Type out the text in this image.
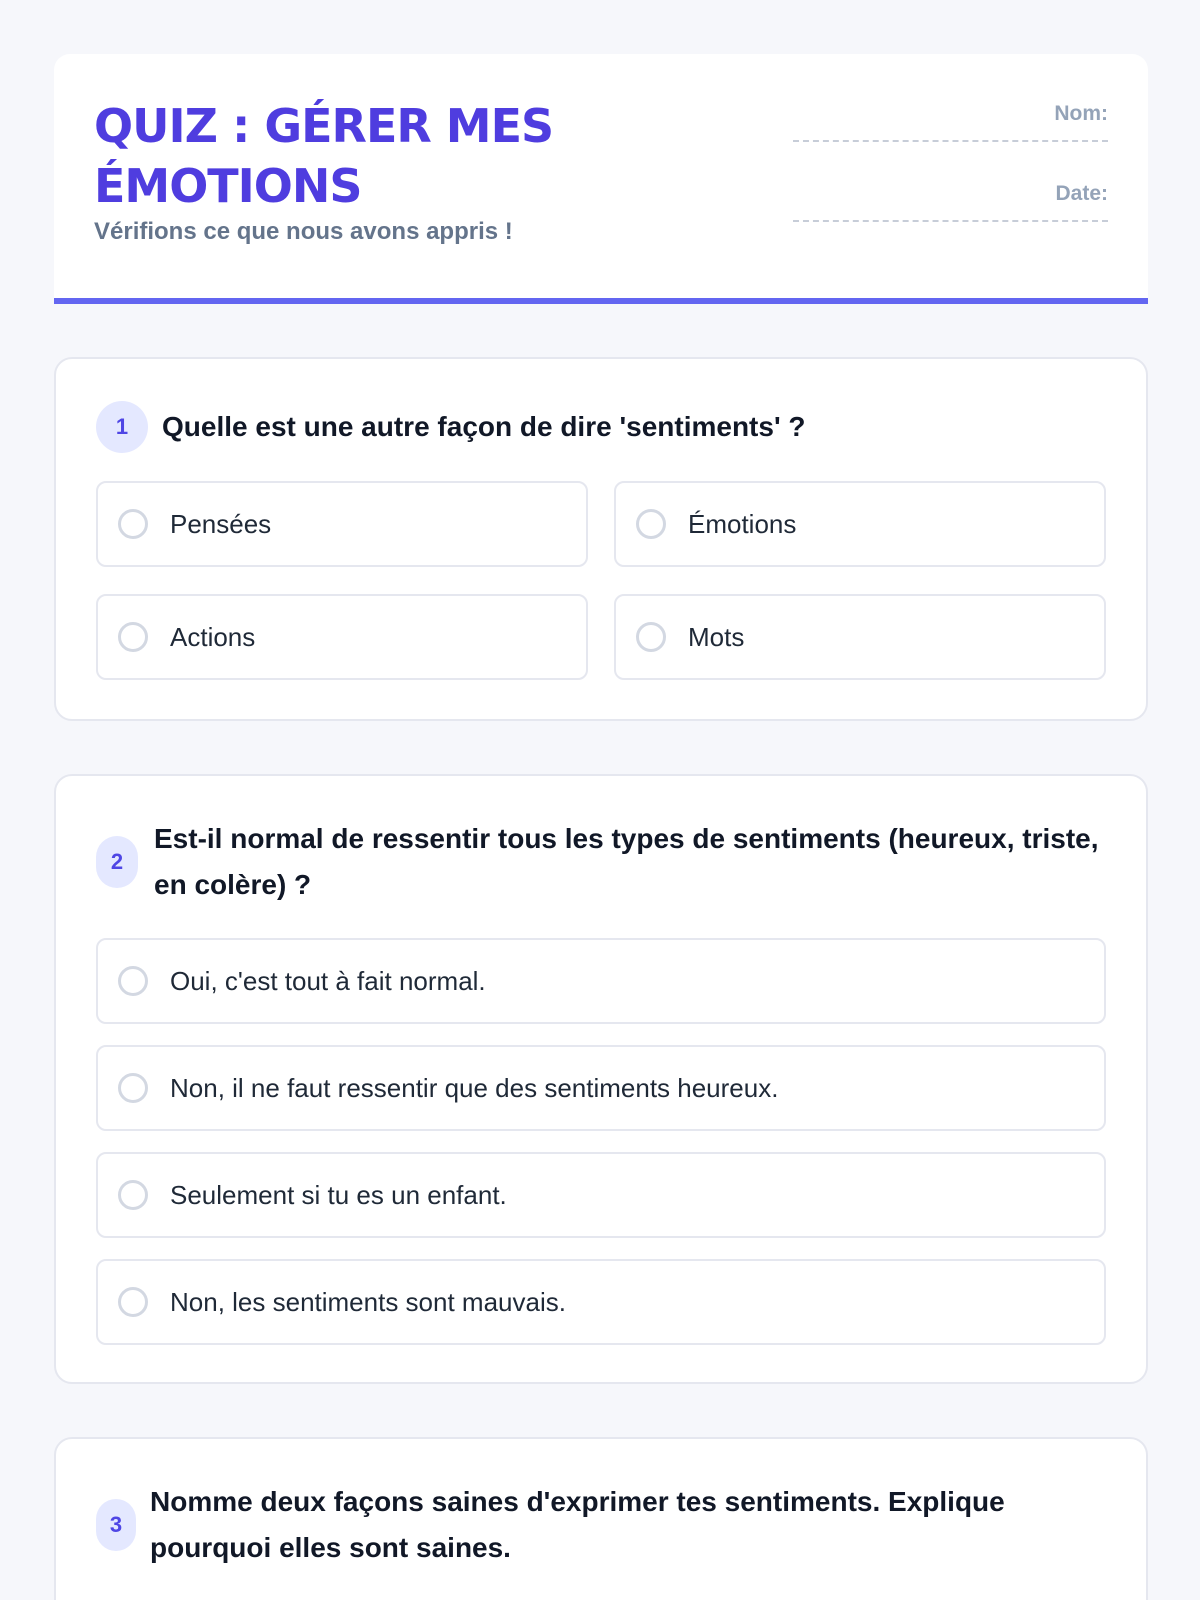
QUIZ : GÉRER MES ÉMOTIONS

Vérifions ce que nous avons appris !

Nom:
Date:
1	Quelle est une autre façon de dire 'sentiments' ?
Pensées	Émotions
Actions	Mots
2
Est-il normal de ressentir tous les types de sentiments (heureux, triste, en colère) ?
Oui, c'est tout à fait normal.
Non, il ne faut ressentir que des sentiments heureux.
Seulement si tu es un enfant.
Non, les sentiments sont mauvais.
3
Nomme deux façons saines d'exprimer tes sentiments. Explique pourquoi elles sont saines.
